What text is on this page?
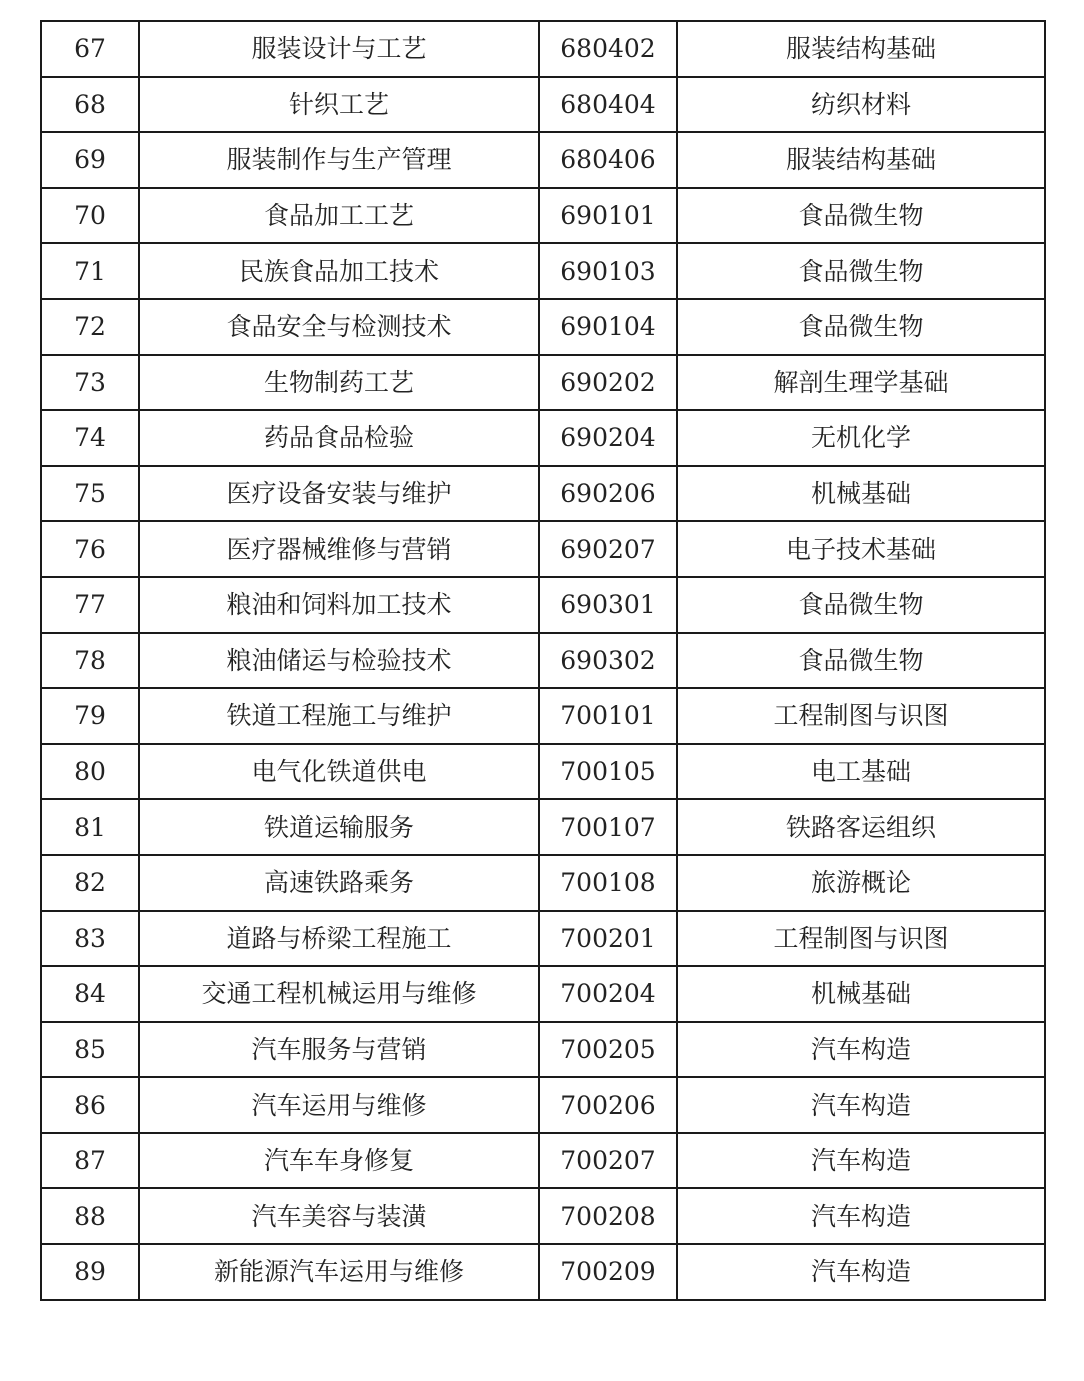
67	服装设计与工艺	680402	服装结构基础
68	针织工艺	680404	纺织材料
69	服装制作与生产管理	680406	服装结构基础
70	食品加工工艺	690101	食品微生物
71	民族食品加工技术	690103	食品微生物
72	食品安全与检测技术	690104	食品微生物
73	生物制药工艺	690202	解剖生理学基础
74	药品食品检验	690204	无机化学
75	医疗设备安装与维护	690206	机械基础
76	医疗器械维修与营销	690207	电子技术基础
77	粮油和饲料加工技术	690301	食品微生物
78	粮油储运与检验技术	690302	食品微生物
79	铁道工程施工与维护	700101	工程制图与识图
80	电气化铁道供电	700105	电工基础
81	铁道运输服务	700107	铁路客运组织
82	高速铁路乘务	700108	旅游概论
83	道路与桥梁工程施工	700201	工程制图与识图
84	交通工程机械运用与维修	700204	机械基础
85	汽车服务与营销	700205	汽车构造
86	汽车运用与维修	700206	汽车构造
87	汽车车身修复	700207	汽车构造
88	汽车美容与装潢	700208	汽车构造
89	新能源汽车运用与维修	700209	汽车构造
